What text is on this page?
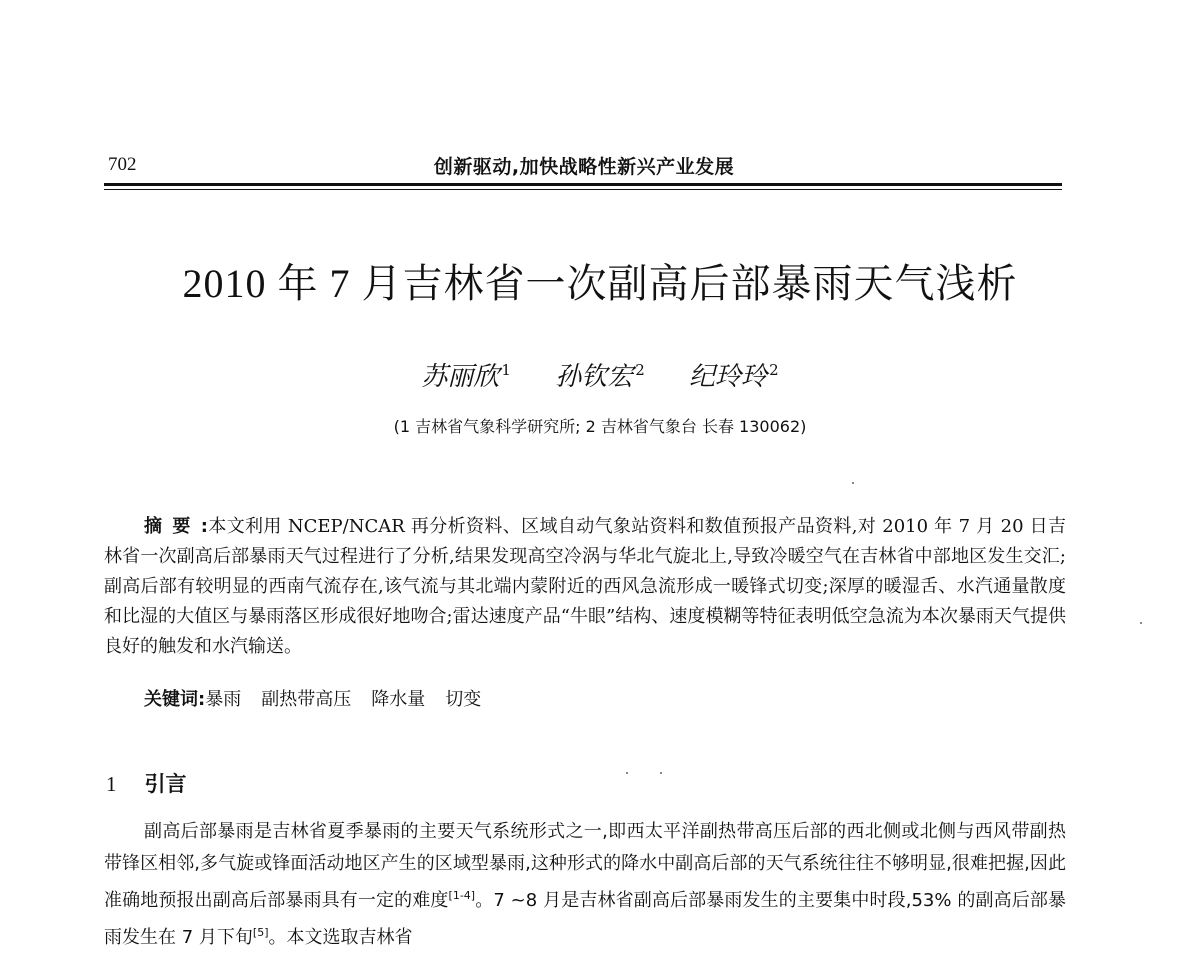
702	创新驱动,加快战略性新兴产业发展
2010 年 7 月吉林省一次副高后部暴雨天气浅析
苏丽欣 $^1$ 孙钦宏 $^2$ 纪玲玲 $^2$
(1 吉林省气象科学研究所; 2 吉林省气象台 长春 130062)
摘要:本文利用 NCEP/NCAR 再分析资料、区域自动气象站资料和数值预报产品资料,对 2010 年 7 月 20 日吉林省一次副高后部暴雨天气过程进行了分析,结果发现高空冷涡与华北气旋北上,导致冷暖空气在吉林省中部地区发生交汇;副高后部有较明显的西南气流存在,该气流与其北端内蒙附近的西风急流形成一暖锋式切变;深厚的暖湿舌、水汽通量散度和比湿的大值区与暴雨落区形成很好地吻合;雷达速度产品“牛眼”结构、速度模糊等特征表明低空急流为本次暴雨天气提供良好的触发和水汽输送。
关键词:暴雨 副热带高压 降水量 切变
1 引言
副高后部暴雨是吉林省夏季暴雨的主要天气系统形式之一,即西太平洋副热带高压后部的西北侧或北侧与西风带副热带锋区相邻,多气旋或锋面活动地区产生的区域型暴雨,这种形式的降水中副高后部的天气系统往往不够明显,很难把握,因此准确地预报出副高后部暴雨具有一定的难度[1-4]。7 ~8 月是吉林省副高后部暴雨发生的主要集中时段,53% 的副高后部暴雨发生在 7 月下旬[5]。本文选取吉林省
